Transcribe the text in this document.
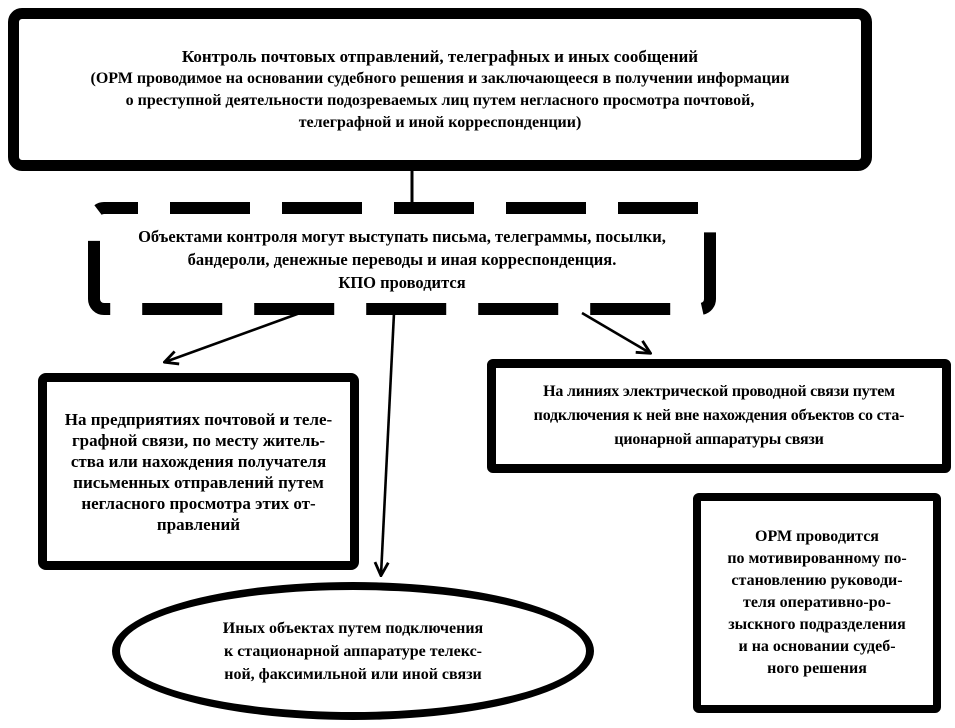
Контроль почтовых отправлений, телеграфных и иных сообщений
(ОРМ проводимое на основании судебного решения и заключающееся в получении информации
о преступной деятельности подозреваемых лиц путем негласного просмотра почтовой,
телеграфной и иной корреспонденции)
Объектами контроля могут выступать письма, телеграммы, посылки,
бандероли, денежные переводы и иная корреспонденция.
КПО проводится
На предприятиях почтовой и теле-
графной связи, по месту житель-
ства или нахождения получателя
письменных отправлений путем
негласного просмотра этих от-
правлений
На линиях электрической проводной связи путем
подключения к ней вне нахождения объектов со ста-
ционарной аппаратуры связи
Иных объектах путем подключения
к стационарной аппаратуре телекс-
ной, факсимильной или иной связи
ОРМ проводится
по мотивированному по-
становлению руководи-
теля оперативно-ро-
зыскного подразделения
и на основании судеб-
ного решения
